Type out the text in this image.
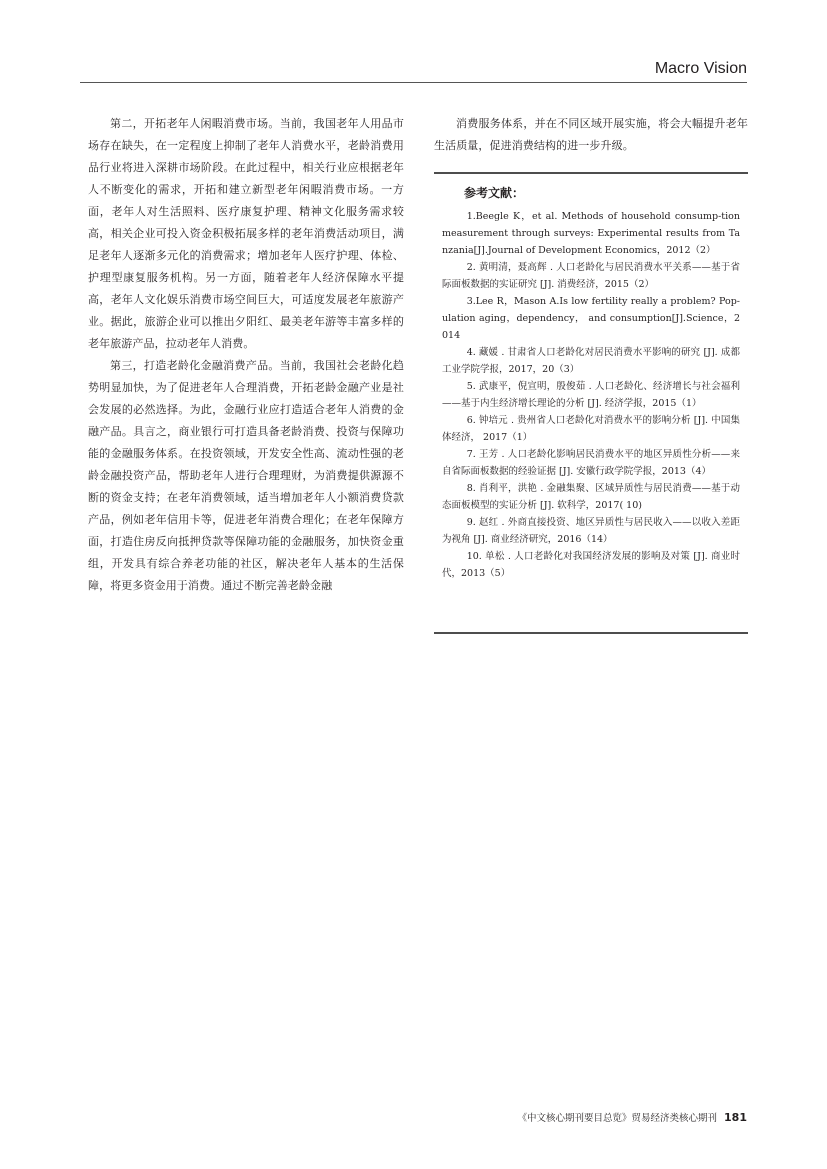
Macro Vision

第二，开拓老年人闲暇消费市场。当前，我国老年人用品市场存在缺失，在一定程度上抑制了老年人消费水平，老龄消费用品行业将进入深耕市场阶段。在此过程中，相关行业应根据老年人不断变化的需求，开拓和建立新型老年闲暇消费市场。一方面，老年人对生活照料、医疗康复护理、精神文化服务需求较高，相关企业可投入资金积极拓展多样的老年消费活动项目，满足老年人逐渐多元化的消费需求；增加老年人医疗护理、体检、护理型康复服务机构。另一方面，随着老年人经济保障水平提高，老年人文化娱乐消费市场空间巨大，可适度发展老年旅游产业。据此，旅游企业可以推出夕阳红、最美老年游等丰富多样的老年旅游产品，拉动老年人消费。

第三，打造老龄化金融消费产品。当前，我国社会老龄化趋势明显加快，为了促进老年人合理消费，开拓老龄金融产业是社会发展的必然选择。为此，金融行业应打造适合老年人消费的金融产品。具言之，商业银行可打造具备老龄消费、投资与保障功能的金融服务体系。在投资领域，开发安全性高、流动性强的老龄金融投资产品，帮助老年人进行合理理财，为消费提供源源不断的资金支持；在老年消费领域，适当增加老年人小额消费贷款产品，例如老年信用卡等，促进老年消费合理化；在老年保障方面，打造住房反向抵押贷款等保障功能的金融服务，加快资金重组，开发具有综合养老功能的社区，解决老年人基本的生活保障，将更多资金用于消费。通过不断完善老龄金融

消费服务体系，并在不同区域开展实施，将会大幅提升老年生活质量，促进消费结构的进一步升级。

参考文献：
1.Beegle K，et al. Methods of household consump-tion measurement through surveys: Experimental results from Tanzania[J].Journal of Development Economics，2012（2）
2. 黄明清，聂高辉 . 人口老龄化与居民消费水平关系——基于省际面板数据的实证研究 [J]. 消费经济，2015（2）
3.Lee R，Mason A.Is low fertility really a problem? Pop-ulation aging，dependency， and consumption[J].Science，2014
4. 藏媛 . 甘肃省人口老龄化对居民消费水平影响的研究 [J]. 成都工业学院学报，2017，20（3）
5. 武康平，倪宣明，殷俊茹 . 人口老龄化、经济增长与社会福利——基于内生经济增长理论的分析 [J]. 经济学报，2015（1）
6. 钟培元 . 贵州省人口老龄化对消费水平的影响分析 [J]. 中国集体经济， 2017（1）
7. 王芳 . 人口老龄化影响居民消费水平的地区异质性分析——来自省际面板数据的经验证据 [J]. 安徽行政学院学报，2013（4）
8. 肖利平，洪艳 . 金融集聚、区域异质性与居民消费——基于动态面板模型的实证分析 [J]. 软科学，2017( 10)
9. 赵红 . 外商直接投资、地区异质性与居民收入——以收入差距为视角 [J]. 商业经济研究，2016（14）
10. 单松 . 人口老龄化对我国经济发展的影响及对策 [J]. 商业时代，2013（5）
《中文核心期刊要目总览》贸易经济类核心期刊 181
